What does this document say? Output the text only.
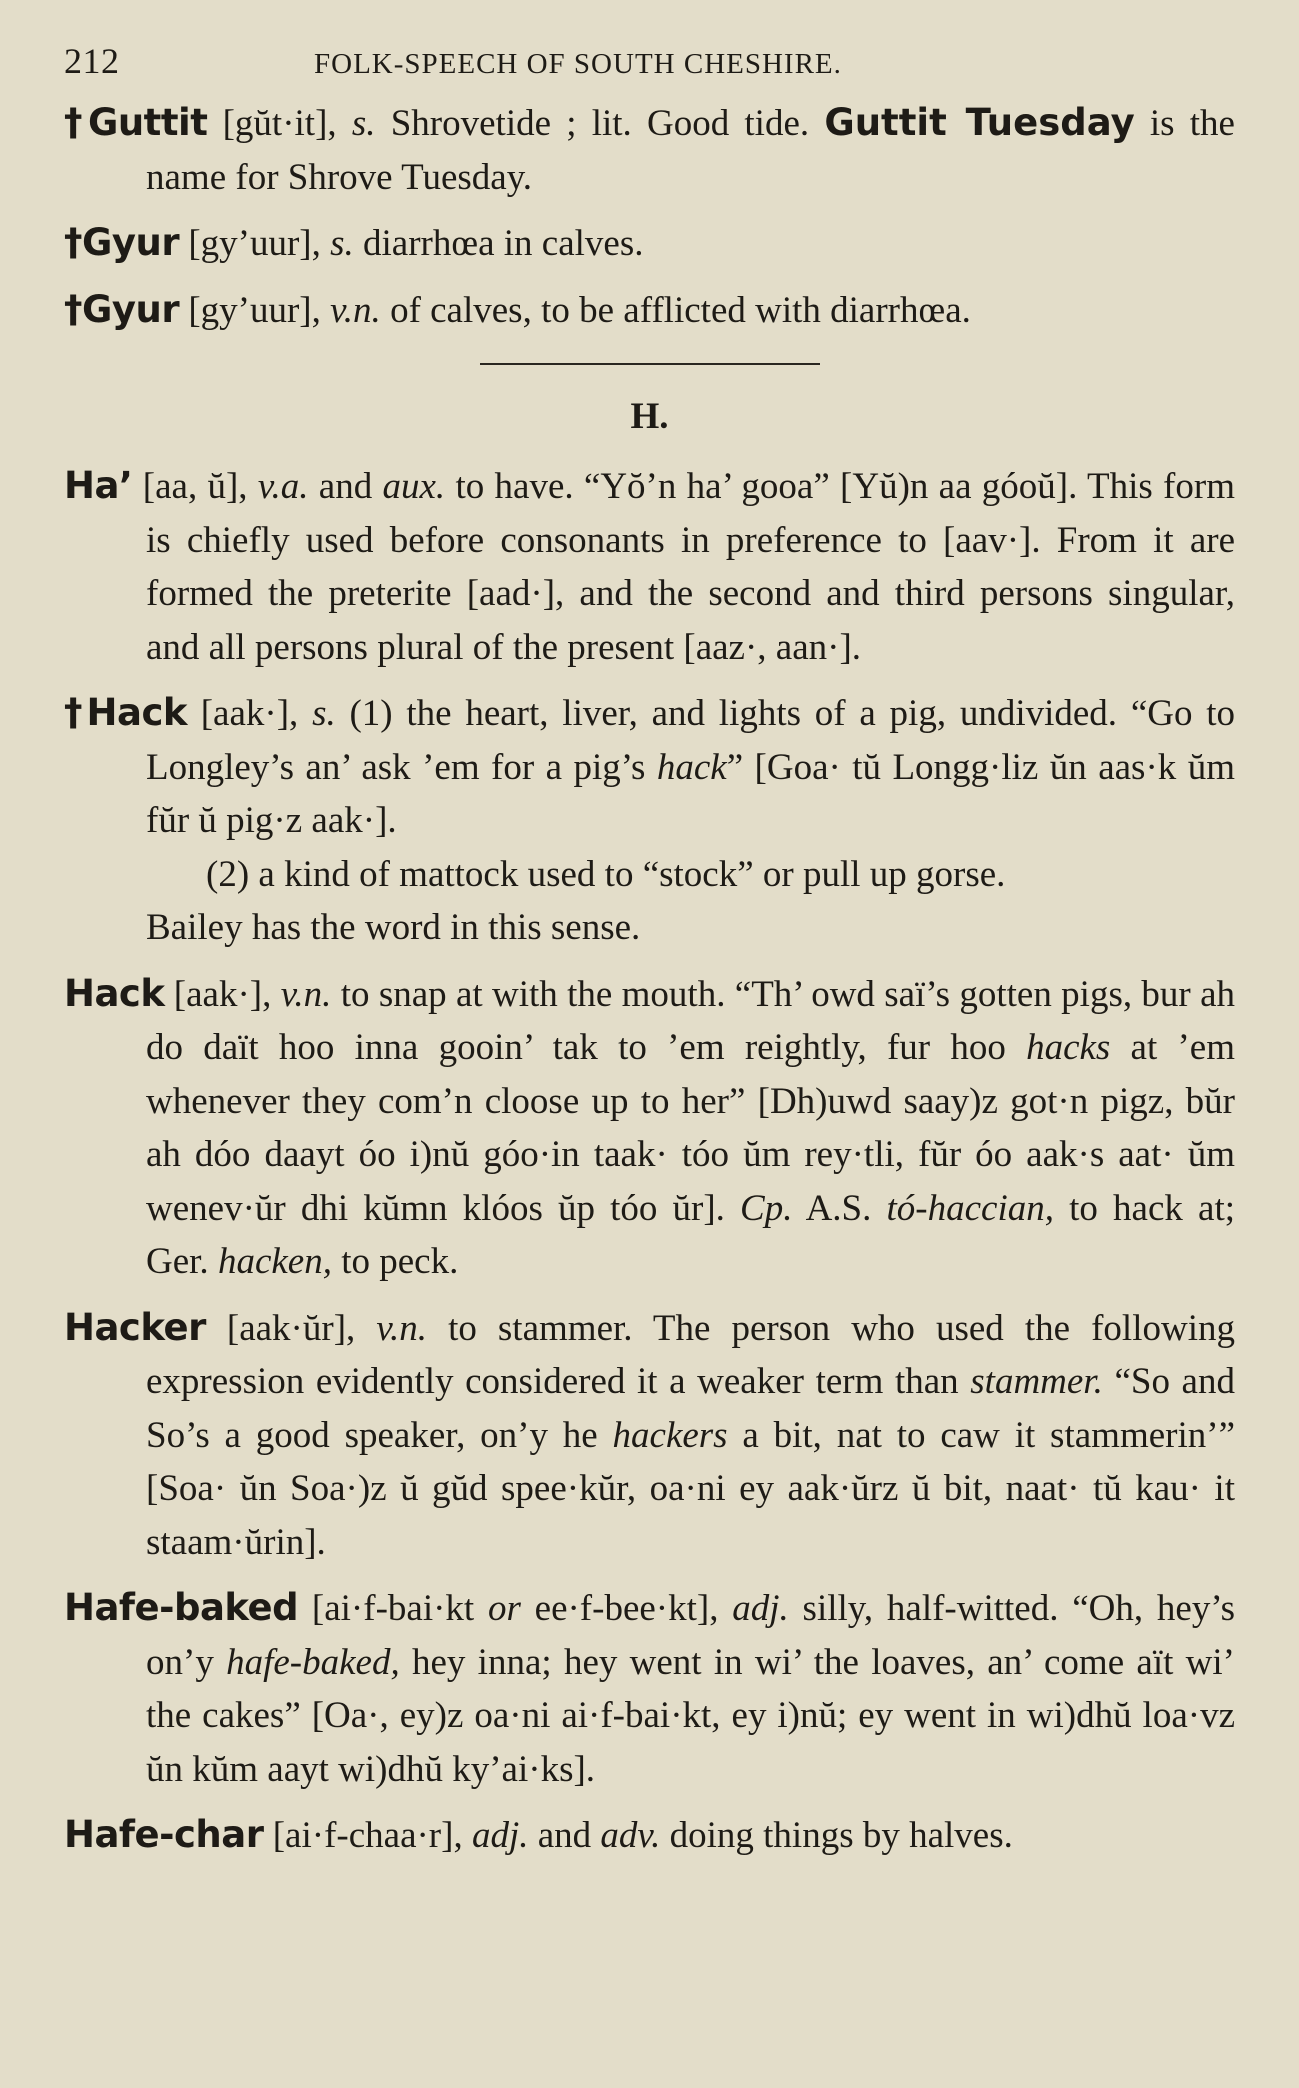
212	FOLK-SPEECH OF SOUTH CHESHIRE.
†Guttit [gŭt·it], s. Shrovetide ; lit. Good tide. Guttit Tuesday is the name for Shrove Tuesday.
†Gyur [gy’uur], s. diarrhœa in calves.
†Gyur [gy’uur], v.n. of calves, to be afflicted with diarrhœa.
H.
Ha’ [aa, ŭ], v.a. and aux. to have. “Yŏ’n ha’ gooa” [Yŭ)n aa góoŭ]. This form is chiefly used before consonants in preference to [aav·]. From it are formed the preterite [aad·], and the second and third persons singular, and all persons plural of the present [aaz·, aan·].

†Hack [aak·], s. (1) the heart, liver, and lights of a pig, undivided. “Go to Longley’s an’ ask ’em for a pig’s hack” [Goa· tŭ Longg·liz ŭn aas·k ŭm fŭr ŭ pig·z aak·].

(2) a kind of mattock used to “stock” or pull up gorse.

Bailey has the word in this sense.

Hack [aak·], v.n. to snap at with the mouth. “Th’ owd saï’s gotten pigs, bur ah do daït hoo inna gooin’ tak to ’em reightly, fur hoo hacks at ’em whenever they com’n cloose up to her” [Dh)uwd saay)z got·n pigz, bŭr ah dóo daayt óo i)nŭ góo·in taak· tóo ŭm rey·tli, fŭr óo aak·s aat· ŭm wenev·ŭr dhi kŭmn klóos ŭp tóo ŭr]. Cp. A.S. tó-haccian, to hack at; Ger. hacken, to peck.
Hacker [aak·ŭr], v.n. to stammer. The person who used the following expression evidently considered it a weaker term than stammer. “So and So’s a good speaker, on’y he hackers a bit, nat to caw it stammerin’” [Soa· ŭn Soa·)z ŭ gŭd spee·kŭr, oa·ni ey aak·ŭrz ŭ bit, naat· tŭ kau· it staam·ŭrin].
Hafe-baked [ai·f-bai·kt or ee·f-bee·kt], adj. silly, half-witted. “Oh, hey’s on’y hafe-baked, hey inna; hey went in wi’ the loaves, an’ come aït wi’ the cakes” [Oa·, ey)z oa·ni ai·f-bai·kt, ey i)nŭ; ey went in wi)dhŭ loa·vz ŭn kŭm aayt wi)dhŭ ky’ai·ks].
Hafe-char [ai·f-chaa·r], adj. and adv. doing things by halves.
